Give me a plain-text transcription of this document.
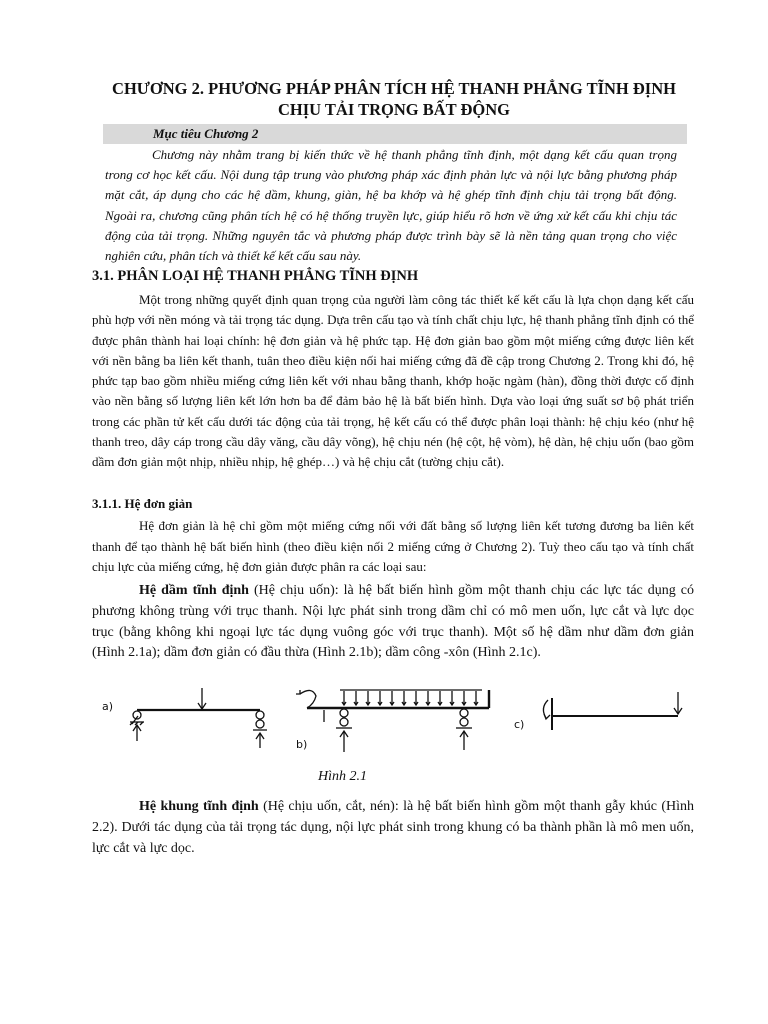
CHƯƠNG 2. PHƯƠNG PHÁP PHÂN TÍCH HỆ THANH PHẲNG TĨNH ĐỊNH CHỊU TẢI TRỌNG BẤT ĐỘNG
Mục tiêu Chương 2
Chương này nhằm trang bị kiến thức về hệ thanh phẳng tĩnh định, một dạng kết cấu quan trọng trong cơ học kết cấu. Nội dung tập trung vào phương pháp xác định phản lực và nội lực bằng phương pháp mặt cắt, áp dụng cho các hệ dầm, khung, giàn, hệ ba khớp và hệ ghép tĩnh định chịu tải trọng bất động. Ngoài ra, chương cũng phân tích hệ có hệ thống truyền lực, giúp hiểu rõ hơn về ứng xử kết cấu khi chịu tác động của tải trọng. Những nguyên tắc và phương pháp được trình bày sẽ là nền tảng quan trọng cho việc nghiên cứu, phân tích và thiết kế kết cấu sau này.
3.1. PHÂN LOẠI HỆ THANH PHẲNG TĨNH ĐỊNH
Một trong những quyết định quan trọng của người làm công tác thiết kế kết cấu là lựa chọn dạng kết cấu phù hợp với nền móng và tải trọng tác dụng. Dựa trên cấu tạo và tính chất chịu lực, hệ thanh phẳng tĩnh định có thể được phân thành hai loại chính: hệ đơn giản và hệ phức tạp. Hệ đơn giản bao gồm một miếng cứng được liên kết với nền bằng ba liên kết thanh, tuân theo điều kiện nối hai miếng cứng đã đề cập trong Chương 2. Trong khi đó, hệ phức tạp bao gồm nhiều miếng cứng liên kết với nhau bằng thanh, khớp hoặc ngàm (hàn), đồng thời được cố định vào nền bằng số lượng liên kết lớn hơn ba để đảm bảo hệ là bất biến hình. Dựa vào loại ứng suất sơ bộ phát triển trong các phần tử kết cấu dưới tác động của tải trọng, hệ kết cấu có thể được phân loại thành: hệ chịu kéo (như hệ thanh treo, dây cáp trong cầu dây văng, cầu dây võng), hệ chịu nén (hệ cột, hệ vòm), hệ dàn, hệ chịu uốn (bao gồm dầm đơn giản một nhịp, nhiều nhịp, hệ ghép…) và hệ chịu cắt (tường chịu cắt).
3.1.1. Hệ đơn giản
Hệ đơn giản là hệ chỉ gồm một miếng cứng nối với đất bằng số lượng liên kết tương đương ba liên kết thanh để tạo thành hệ bất biến hình (theo điều kiện nối 2 miếng cứng ở Chương 2). Tuỳ theo cấu tạo và tính chất chịu lực của miếng cứng, hệ đơn giản được phân ra các loại sau:
Hệ dầm tĩnh định (Hệ chịu uốn): là hệ bất biến hình gồm một thanh chịu các lực tác dụng có phương không trùng với trục thanh. Nội lực phát sinh trong dầm chỉ có mô men uốn, lực cắt và lực dọc trục (bằng không khi ngoại lực tác dụng vuông góc với trục thanh). Một số hệ dầm như dầm đơn giản (Hình 2.1a); dầm đơn giản có đầu thừa (Hình 2.1b); dầm công -xôn (Hình 2.1c).
a)
b)
c)
Hình 2.1
Hệ khung tĩnh định (Hệ chịu uốn, cắt, nén): là hệ bất biến hình gồm một thanh gẫy khúc (Hình 2.2). Dưới tác dụng của tải trọng tác dụng, nội lực phát sinh trong khung có ba thành phần là mô men uốn, lực cắt và lực dọc.
